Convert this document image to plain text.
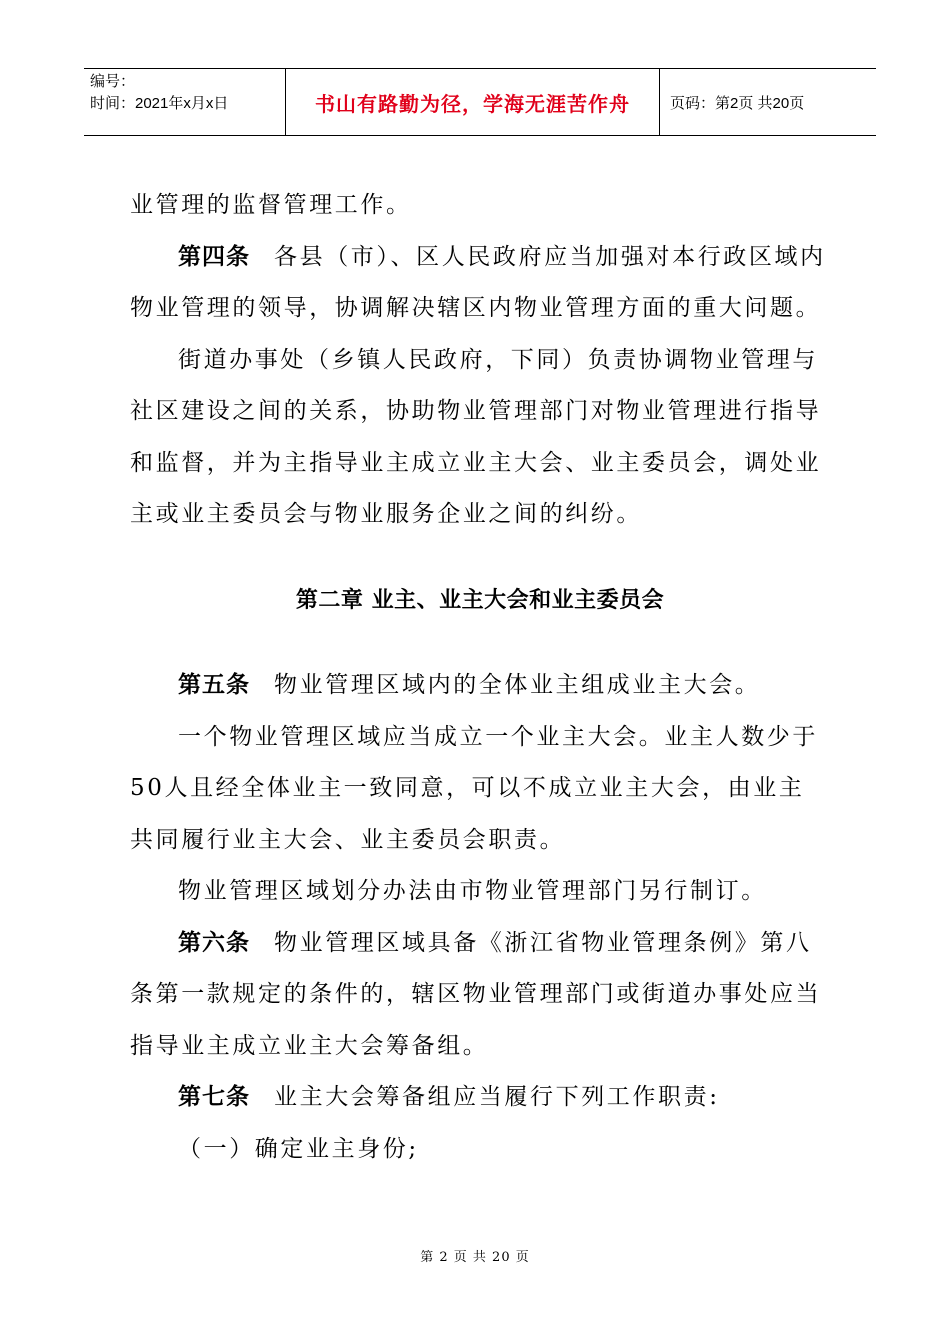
编号：
时间：2021年x月x日	书山有路勤为径，学海无涯苦作舟	页码：第2页 共20页

业管理的监督管理工作。

第四条 各县（市）、区人民政府应当加强对本行政区域内物业管理的领导，协调解决辖区内物业管理方面的重大问题。

街道办事处（乡镇人民政府，下同）负责协调物业管理与社区建设之间的关系，协助物业管理部门对物业管理进行指导和监督，并为主指导业主成立业主大会、业主委员会，调处业主或业主委员会与物业服务企业之间的纠纷。

第二章 业主、业主大会和业主委员会

第五条 物业管理区域内的全体业主组成业主大会。

一个物业管理区域应当成立一个业主大会。业主人数少于50人且经全体业主一致同意，可以不成立业主大会，由业主共同履行业主大会、业主委员会职责。

物业管理区域划分办法由市物业管理部门另行制订。

第六条 物业管理区域具备《浙江省物业管理条例》第八条第一款规定的条件的，辖区物业管理部门或街道办事处应当指导业主成立业主大会筹备组。

第七条 业主大会筹备组应当履行下列工作职责:

（一）确定业主身份;

第 2 页 共 20 页
